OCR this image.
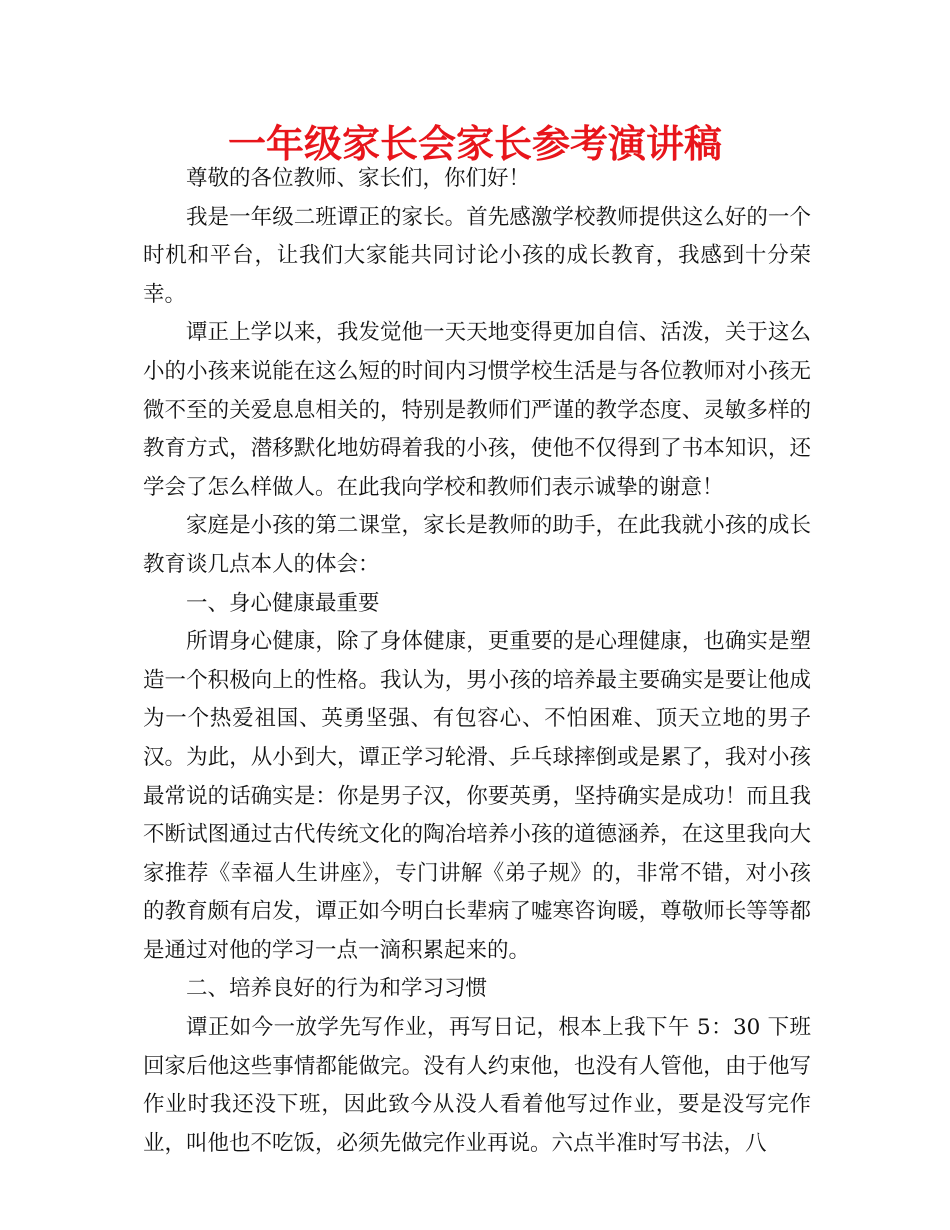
一年级家长会家长参考演讲稿

尊敬的各位教师、家长们，你们好！

我是一年级二班谭正的家长。首先感激学校教师提供这么好的一个时机和平台，让我们大家能共同讨论小孩的成长教育，我感到十分荣幸。

谭正上学以来，我发觉他一天天地变得更加自信、活泼，关于这么小的小孩来说能在这么短的时间内习惯学校生活是与各位教师对小孩无微不至的关爱息息相关的，特别是教师们严谨的教学态度、灵敏多样的教育方式，潜移默化地妨碍着我的小孩，使他不仅得到了书本知识，还学会了怎么样做人。在此我向学校和教师们表示诚挚的谢意！

家庭是小孩的第二课堂，家长是教师的助手，在此我就小孩的成长教育谈几点本人的体会：

一、身心健康最重要

所谓身心健康，除了身体健康，更重要的是心理健康，也确实是塑造一个积极向上的性格。我认为，男小孩的培养最主要确实是要让他成为一个热爱祖国、英勇坚强、有包容心、不怕困难、顶天立地的男子汉。为此，从小到大，谭正学习轮滑、乒乓球摔倒或是累了，我对小孩最常说的话确实是：你是男子汉，你要英勇，坚持确实是成功！而且我不断试图通过古代传统文化的陶冶培养小孩的道德涵养，在这里我向大家推荐《幸福人生讲座》，专门讲解《弟子规》的，非常不错，对小孩的教育颇有启发，谭正如今明白长辈病了嘘寒咨询暖，尊敬师长等等都是通过对他的学习一点一滴积累起来的。

二、培养良好的行为和学习习惯

谭正如今一放学先写作业，再写日记，根本上我下午 5：30 下班回家后他这些事情都能做完。没有人约束他，也没有人管他，由于他写作业时我还没下班，因此致今从没人看着他写过作业，要是没写完作业，叫他也不吃饭，必须先做完作业再说。六点半准时写书法，八
